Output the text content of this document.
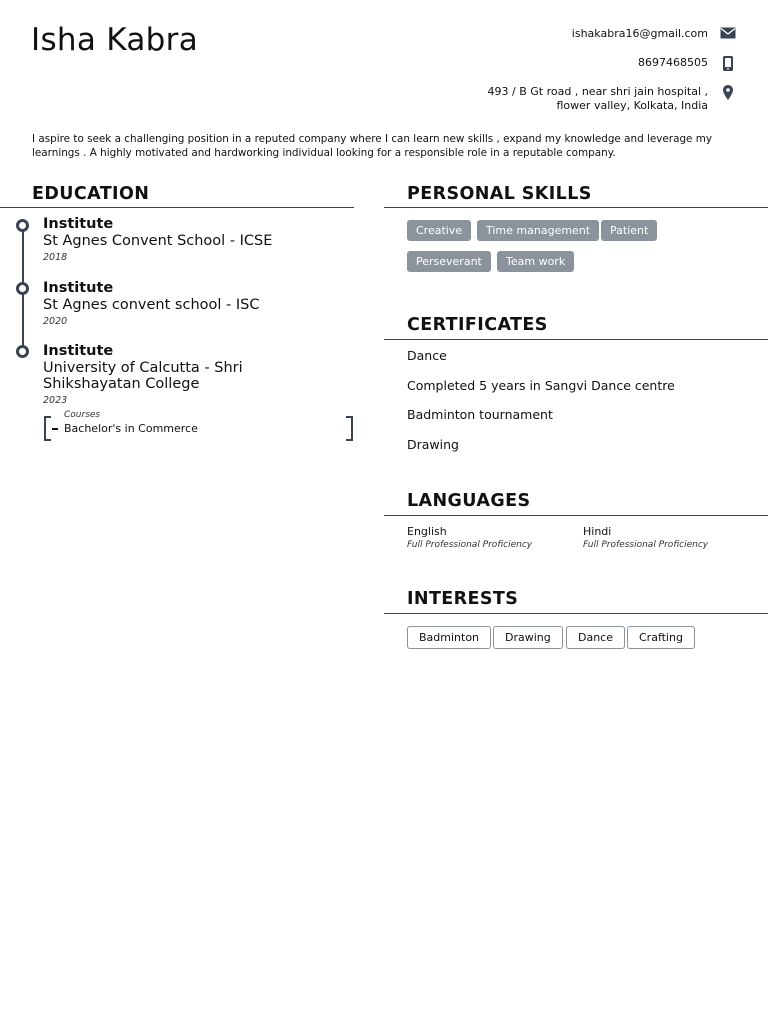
Isha Kabra	ishakabra16@gmail.com
8697468505
493 / B Gt road , near shri jain hospital , flower valley, Kolkata, India
I aspire to seek a challenging position in a reputed company where I can learn new skills , expand my knowledge and leverage my learnings . A highly motivated and hardworking individual looking for a responsible role in a reputable company.
EDUCATION
Institute
St Agnes Convent School - ICSE
2018
Institute
St Agnes convent school - ISC
2020
Institute
University of Calcutta - Shri Shikshayatan College
2023
Courses
Bachelor's in Commerce
PERSONAL SKILLS
Creative	Time management	Patient
Perseverant	Team work
CERTIFICATES
Dance
Completed 5 years in Sangvi Dance centre
Badminton tournament
Drawing
LANGUAGES
English
Full Professional Proficiency
Hindi
Full Professional Proficiency
INTERESTS
Badminton	Drawing	Dance	Crafting
